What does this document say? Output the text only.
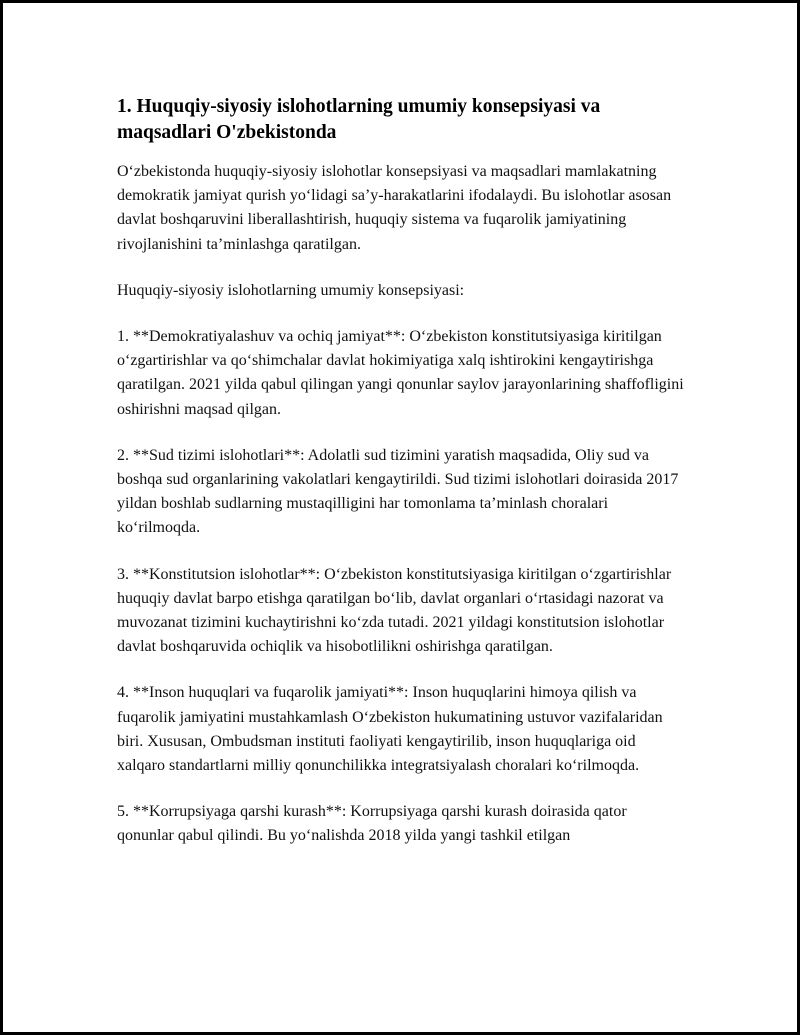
1. Huquqiy-siyosiy islohotlarning umumiy konsepsiyasi va maqsadlari O'zbekistonda

O‘zbekistonda huquqiy-siyosiy islohotlar konsepsiyasi va maqsadlari mamlakatning demokratik jamiyat qurish yo‘lidagi sa’y-harakatlarini ifodalaydi. Bu islohotlar asosan davlat boshqaruvini liberallashtirish, huquqiy sistema va fuqarolik jamiyatining rivojlanishini ta’minlashga qaratilgan.

Huquqiy-siyosiy islohotlarning umumiy konsepsiyasi:

1. **Demokratiyalashuv va ochiq jamiyat**: O‘zbekiston konstitutsiyasiga kiritilgan o‘zgartirishlar va qo‘shimchalar davlat hokimiyatiga xalq ishtirokini kengaytirishga qaratilgan. 2021 yilda qabul qilingan yangi qonunlar saylov jarayonlarining shaffofligini oshirishni maqsad qilgan.

2. **Sud tizimi islohotlari**: Adolatli sud tizimini yaratish maqsadida, Oliy sud va boshqa sud organlarining vakolatlari kengaytirildi. Sud tizimi islohotlari doirasida 2017 yildan boshlab sudlarning mustaqilligini har tomonlama ta’minlash choralari ko‘rilmoqda.

3. **Konstitutsion islohotlar**: O‘zbekiston konstitutsiyasiga kiritilgan o‘zgartirishlar huquqiy davlat barpo etishga qaratilgan bo‘lib, davlat organlari o‘rtasidagi nazorat va muvozanat tizimini kuchaytirishni ko‘zda tutadi. 2021 yildagi konstitutsion islohotlar davlat boshqaruvida ochiqlik va hisobotlilikni oshirishga qaratilgan.

4. **Inson huquqlari va fuqarolik jamiyati**: Inson huquqlarini himoya qilish va fuqarolik jamiyatini mustahkamlash O‘zbekiston hukumatining ustuvor vazifalaridan biri. Xususan, Ombudsman instituti faoliyati kengaytirilib, inson huquqlariga oid xalqaro standartlarni milliy qonunchilikka integratsiyalash choralari ko‘rilmoqda.

5. **Korrupsiyaga qarshi kurash**: Korrupsiyaga qarshi kurash doirasida qator qonunlar qabul qilindi. Bu yo‘nalishda 2018 yilda yangi tashkil etilgan
